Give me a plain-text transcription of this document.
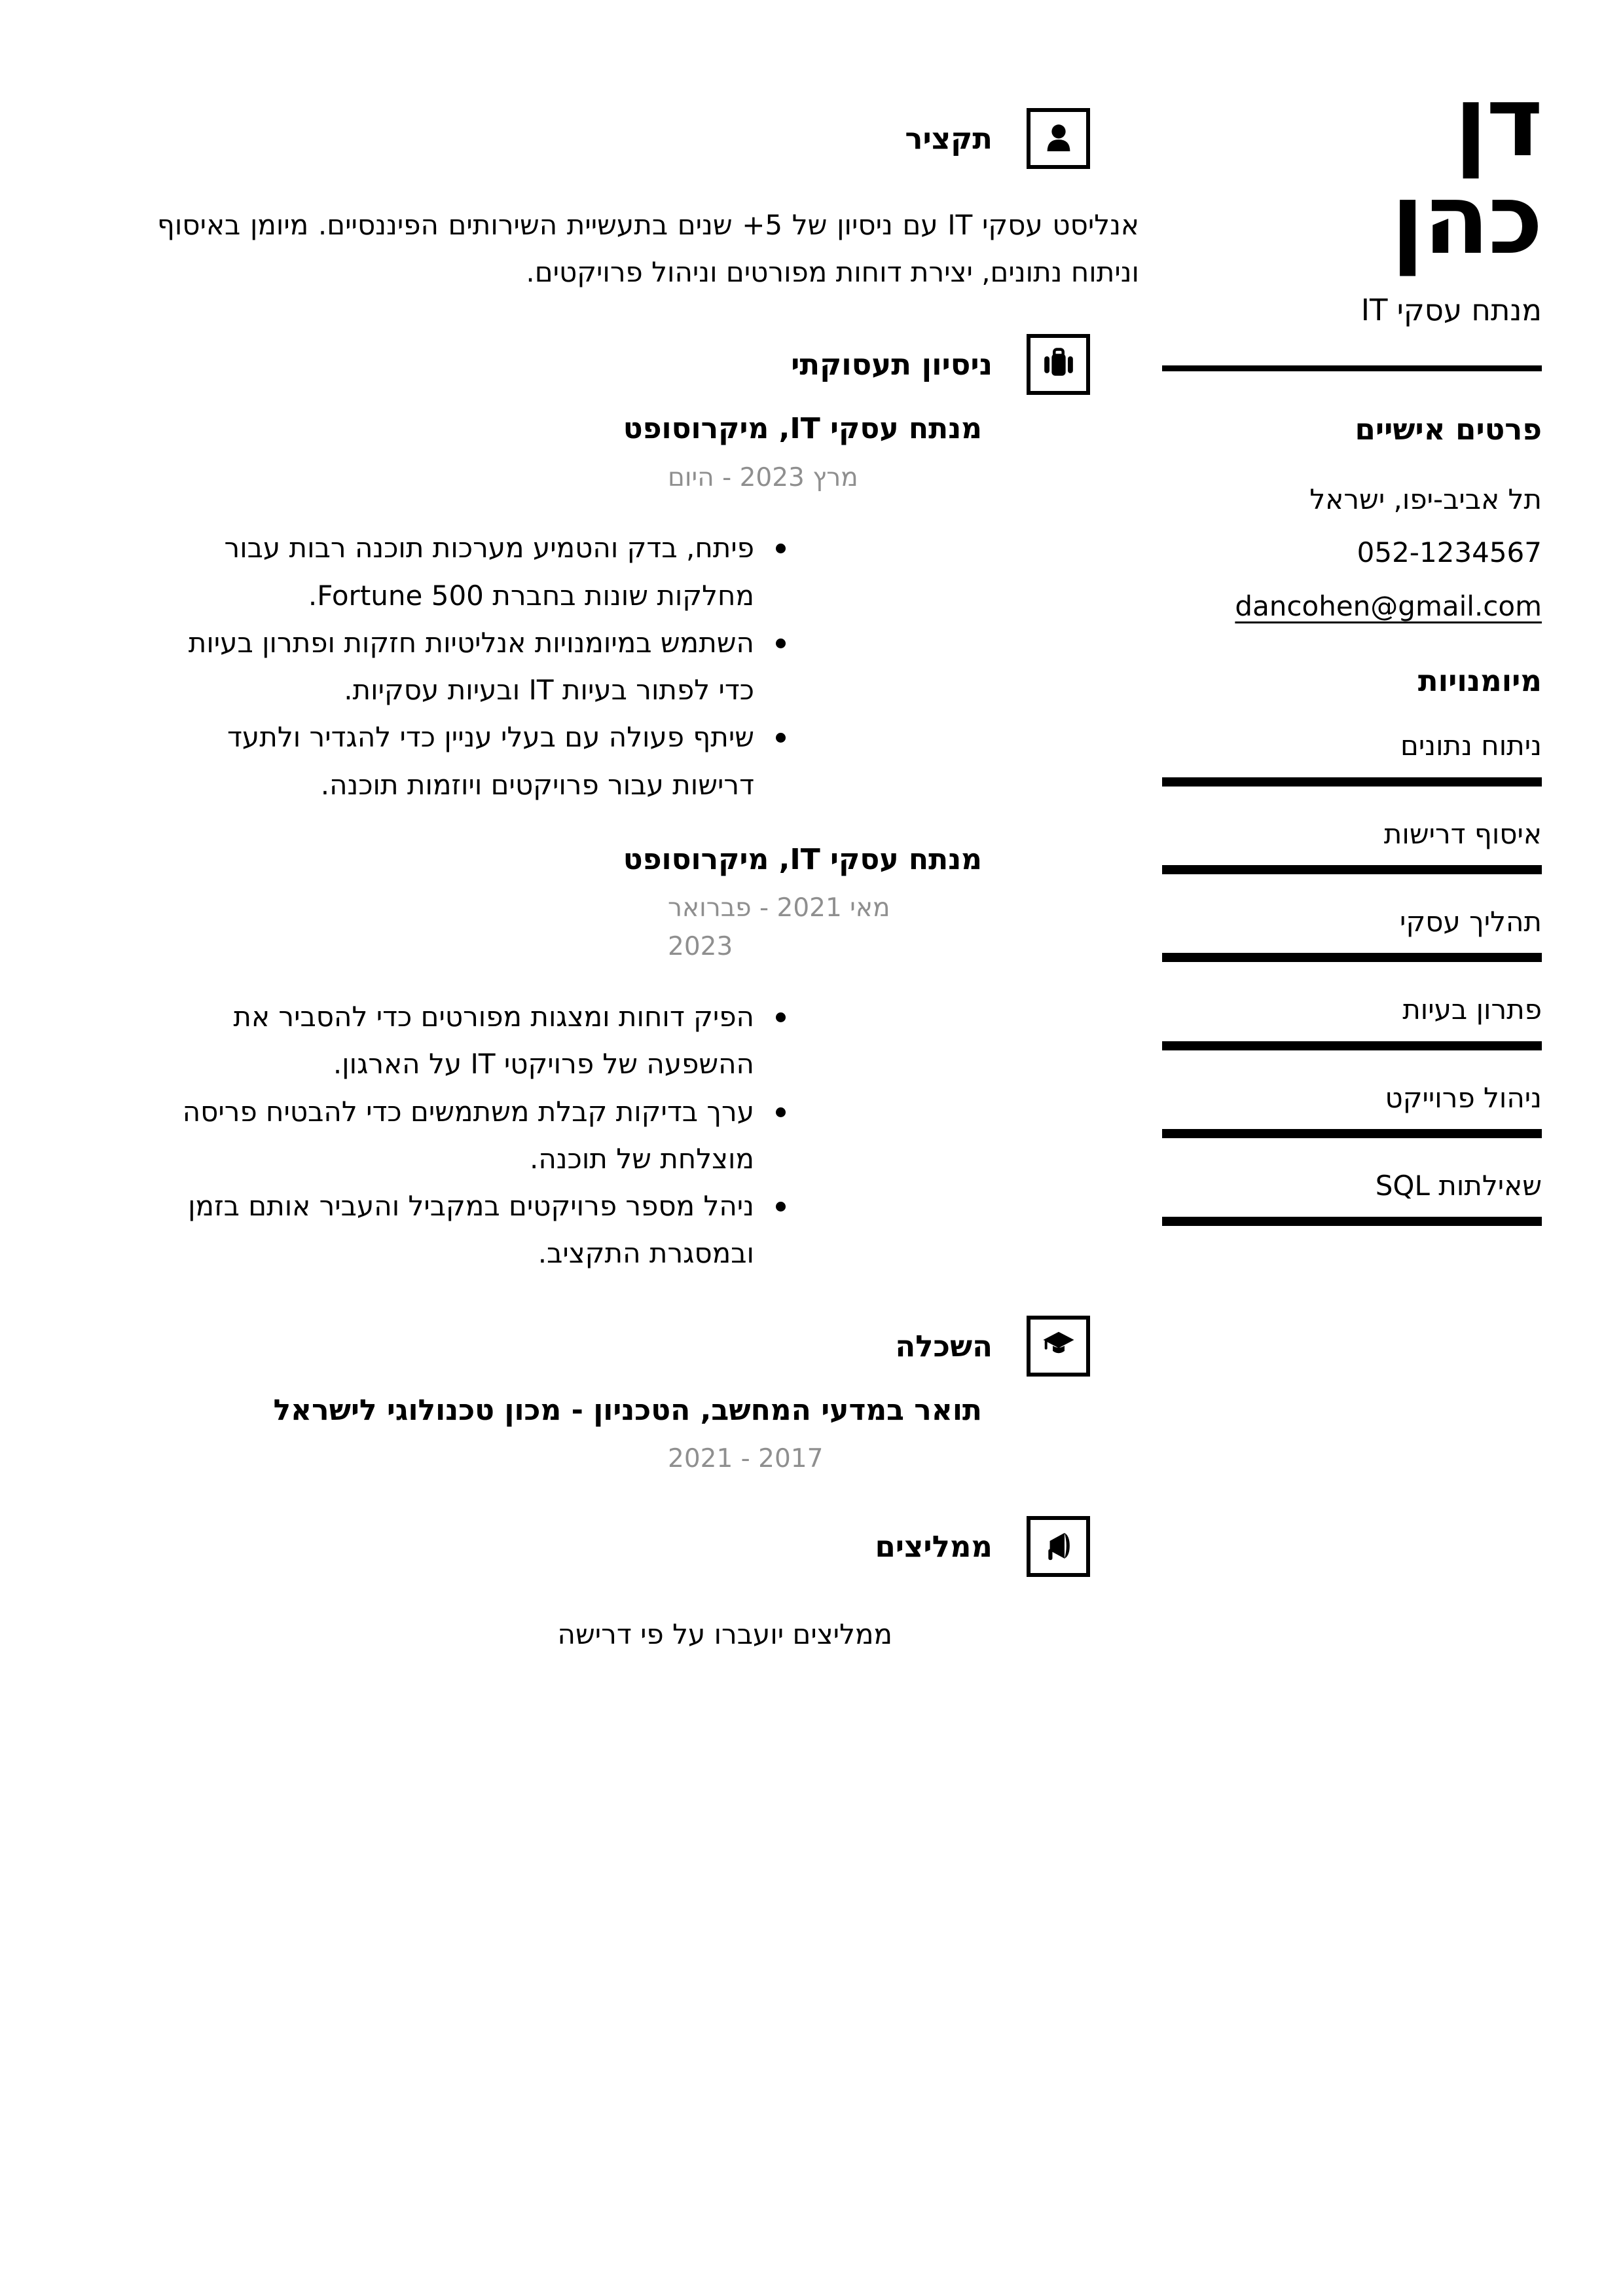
דן
כהן
מנתח עסקי IT
פרטים אישיים
תל אביב-יפו, ישראל
052-1234567
dancohen@gmail.com
מיומנויות
ניתוח נתונים
איסוף דרישות
תהליך עסקי
פתרון בעיות
ניהול פרוייקט
שאילתות SQL
תקציר

אנליסט עסקי IT עם ניסיון של 5+ שנים בתעשיית השירותים הפיננסיים. מיומן באיסוף וניתוח נתונים, יצירת דוחות מפורטים וניהול פרויקטים.

ניסיון תעסוקתי
מנתח עסקי IT, מיקרוסופט
מרץ 2023 - היום
פיתח, בדק והטמיע מערכות תוכנה רבות עבור מחלקות שונות בחברת Fortune 500.
השתמש במיומנויות אנליטיות חזקות ופתרון בעיות כדי לפתור בעיות IT ובעיות עסקיות.
שיתף פעולה עם בעלי עניין כדי להגדיר ולתעד דרישות עבור פרויקטים ויוזמות תוכנה.
מנתח עסקי IT, מיקרוסופט
מאי 2021 - פברואר 2023
הפיק דוחות ומצגות מפורטים כדי להסביר את ההשפעה של פרויקטי IT על הארגון.
ערך בדיקות קבלת משתמשים כדי להבטיח פריסה מוצלחת של תוכנה.
ניהל מספר פרויקטים במקביל והעביר אותם בזמן ובמסגרת התקציב.
השכלה
תואר במדעי המחשב, הטכניון - מכון טכנולוגי לישראל
2017 - 2021
ממליצים

ממליצים יועברו על פי דרישה
